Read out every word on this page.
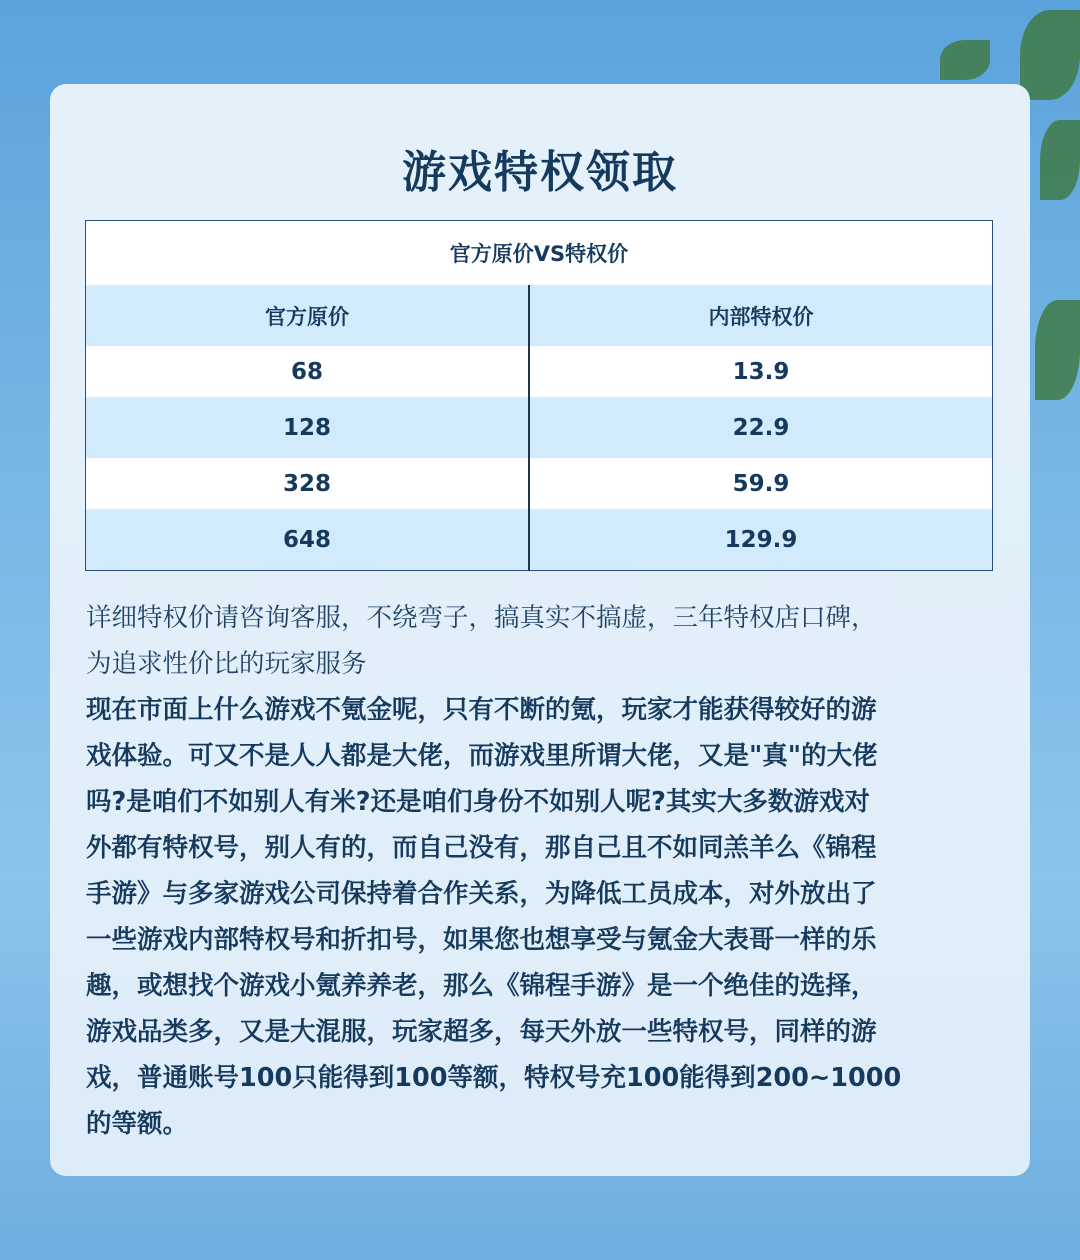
游戏特权领取
官方原价VS特权价	
官方原价	内部特权价
68	13.9
128	22.9
328	59.9
648	129.9
详细特权价请咨询客服，不绕弯子，搞真实不搞虚，三年特权店口碑，
为追求性价比的玩家服务
现在市面上什么游戏不氪金呢，只有不断的氪，玩家才能获得较好的游
戏体验。可又不是人人都是大佬，而游戏里所谓大佬，又是"真"的大佬
吗?是咱们不如别人有米?还是咱们身份不如别人呢?其实大多数游戏对
外都有特权号，别人有的，而自己没有，那自己且不如同羔羊么《锦程
手游》与多家游戏公司保持着合作关系，为降低工员成本，对外放出了
一些游戏内部特权号和折扣号，如果您也想享受与氪金大表哥一样的乐
趣，或想找个游戏小氪养养老，那么《锦程手游》是一个绝佳的选择，
游戏品类多，又是大混服，玩家超多，每天外放一些特权号，同样的游
戏，普通账号100只能得到100等额，特权号充100能得到200~1000
的等额。
